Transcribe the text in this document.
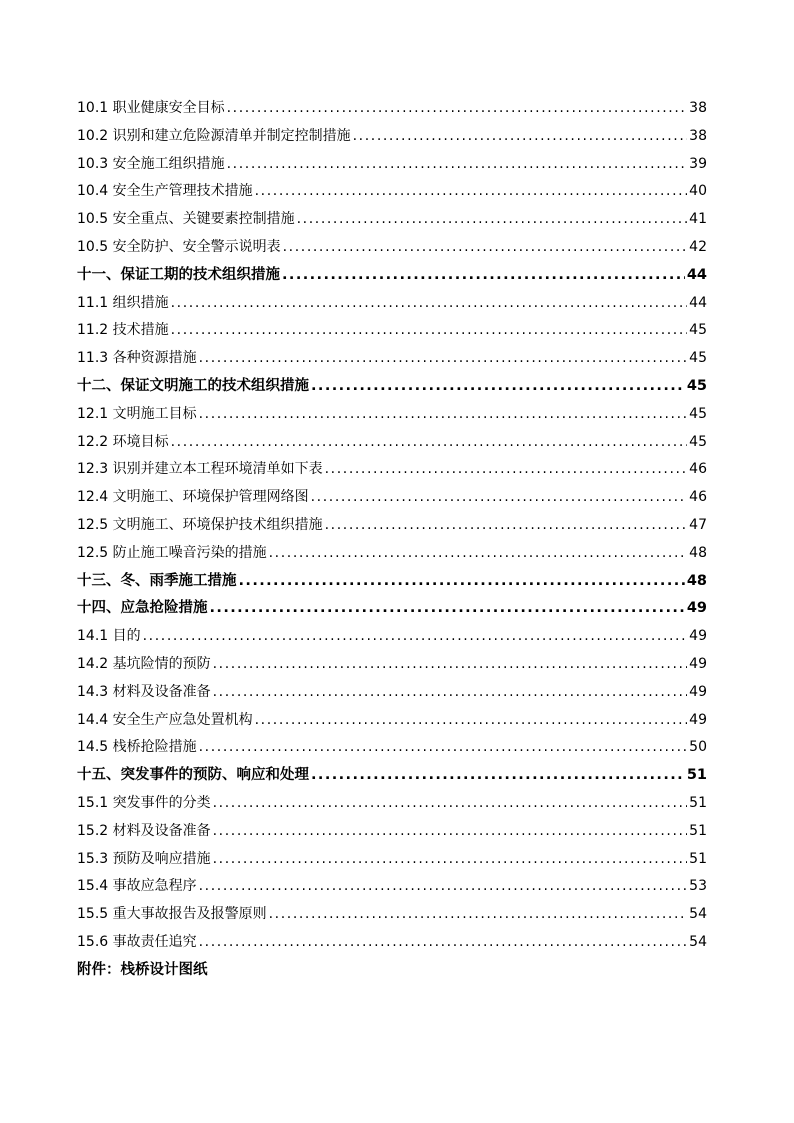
10.1 职业健康安全目标 .....	38
10.2 识别和建立危险源清单并制定控制措施 .....	38
10.3 安全施工组织措施 .....	39
10.4 安全生产管理技术措施 .....	40
10.5 安全重点、关键要素控制措施 .....	41
10.5 安全防护、安全警示说明表 .....	42
十一、保证工期的技术组织措施 .....	44
11.1 组织措施 .....	44
11.2 技术措施 .....	45
11.3 各种资源措施 .....	45
十二、保证文明施工的技术组织措施 .....	45
12.1 文明施工目标 .....	45
12.2 环境目标 .....	45
12.3 识别并建立本工程环境清单如下表 .....	46
12.4 文明施工、环境保护管理网络图 .....	46
12.5 文明施工、环境保护技术组织措施 .....	47
12.5 防止施工噪音污染的措施 .....	48
十三、冬、雨季施工措施 .....	48
十四、应急抢险措施 .....	49
14.1 目的 .....	49
14.2 基坑险情的预防 .....	49
14.3 材料及设备准备 .....	49
14.4 安全生产应急处置机构 .....	49
14.5 栈桥抢险措施 .....	50
十五、突发事件的预防、响应和处理 .....	51
15.1 突发事件的分类 .....	51
15.2 材料及设备准备 .....	51
15.3 预防及响应措施 .....	51
15.4 事故应急程序 .....	53
15.5 重大事故报告及报警原则 .....	54
15.6 事故责任追究 .....	54
附件：栈桥设计图纸
